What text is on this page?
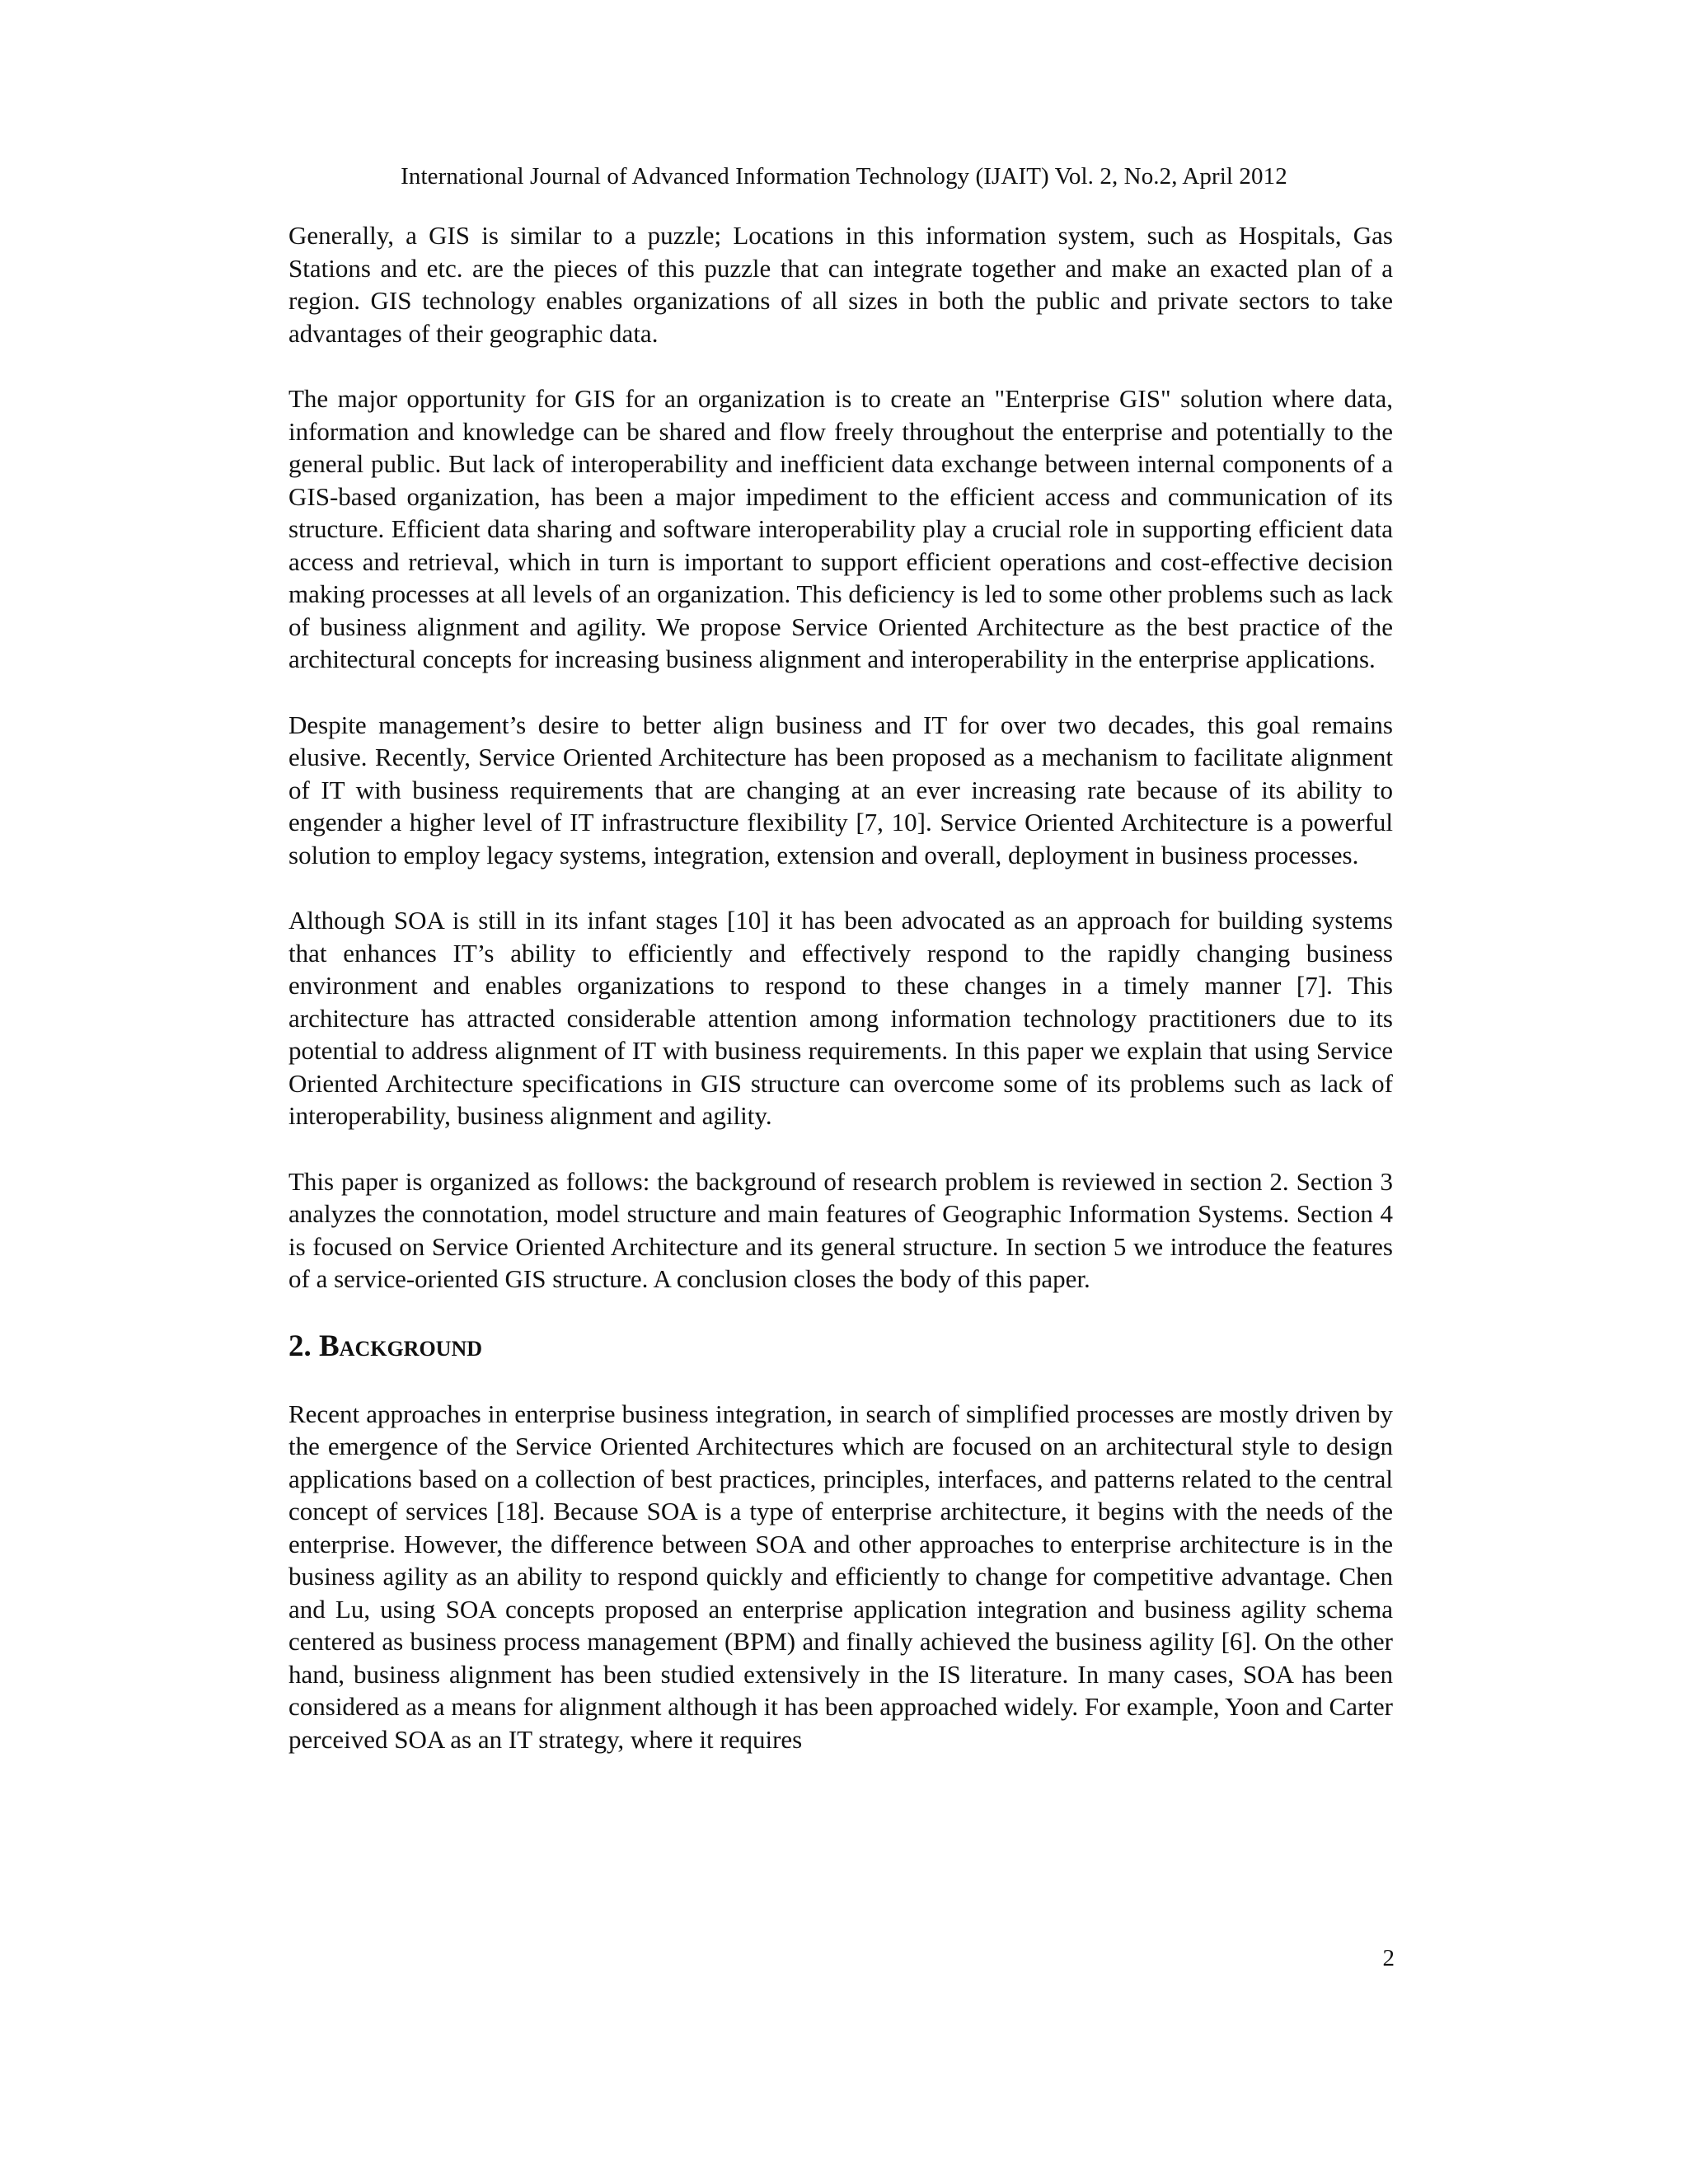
International Journal of Advanced Information Technology (IJAIT) Vol. 2, No.2, April 2012

Generally, a GIS is similar to a puzzle; Locations in this information system, such as Hospitals, Gas Stations and etc. are the pieces of this puzzle that can integrate together and make an exacted plan of a region. GIS technology enables organizations of all sizes in both the public and private sectors to take advantages of their geographic data.

The major opportunity for GIS for an organization is to create an "Enterprise GIS" solution where data, information and knowledge can be shared and flow freely throughout the enterprise and potentially to the general public. But lack of interoperability and inefficient data exchange between internal components of a GIS-based organization, has been a major impediment to the efficient access and communication of its structure. Efficient data sharing and software interoperability play a crucial role in supporting efficient data access and retrieval, which in turn is important to support efficient operations and cost-effective decision making processes at all levels of an organization. This deficiency is led to some other problems such as lack of business alignment and agility. We propose Service Oriented Architecture as the best practice of the architectural concepts for increasing business alignment and interoperability in the enterprise applications.

Despite management’s desire to better align business and IT for over two decades, this goal remains elusive. Recently, Service Oriented Architecture has been proposed as a mechanism to facilitate alignment of IT with business requirements that are changing at an ever increasing rate because of its ability to engender a higher level of IT infrastructure flexibility [7, 10]. Service Oriented Architecture is a powerful solution to employ legacy systems, integration, extension and overall, deployment in business processes.

Although SOA is still in its infant stages [10] it has been advocated as an approach for building systems that enhances IT’s ability to efficiently and effectively respond to the rapidly changing business environment and enables organizations to respond to these changes in a timely manner [7]. This architecture has attracted considerable attention among information technology practitioners due to its potential to address alignment of IT with business requirements. In this paper we explain that using Service Oriented Architecture specifications in GIS structure can overcome some of its problems such as lack of interoperability, business alignment and agility.

This paper is organized as follows: the background of research problem is reviewed in section 2. Section 3 analyzes the connotation, model structure and main features of Geographic Information Systems. Section 4 is focused on Service Oriented Architecture and its general structure. In section 5 we introduce the features of a service-oriented GIS structure. A conclusion closes the body of this paper.

2. Background

Recent approaches in enterprise business integration, in search of simplified processes are mostly driven by the emergence of the Service Oriented Architectures which are focused on an architectural style to design applications based on a collection of best practices, principles, interfaces, and patterns related to the central concept of services [18]. Because SOA is a type of enterprise architecture, it begins with the needs of the enterprise. However, the difference between SOA and other approaches to enterprise architecture is in the business agility as an ability to respond quickly and efficiently to change for competitive advantage. Chen and Lu, using SOA concepts proposed an enterprise application integration and business agility schema centered as business process management (BPM) and finally achieved the business agility [6]. On the other hand, business alignment has been studied extensively in the IS literature. In many cases, SOA has been considered as a means for alignment although it has been approached widely. For example, Yoon and Carter perceived SOA as an IT strategy, where it requires

2
